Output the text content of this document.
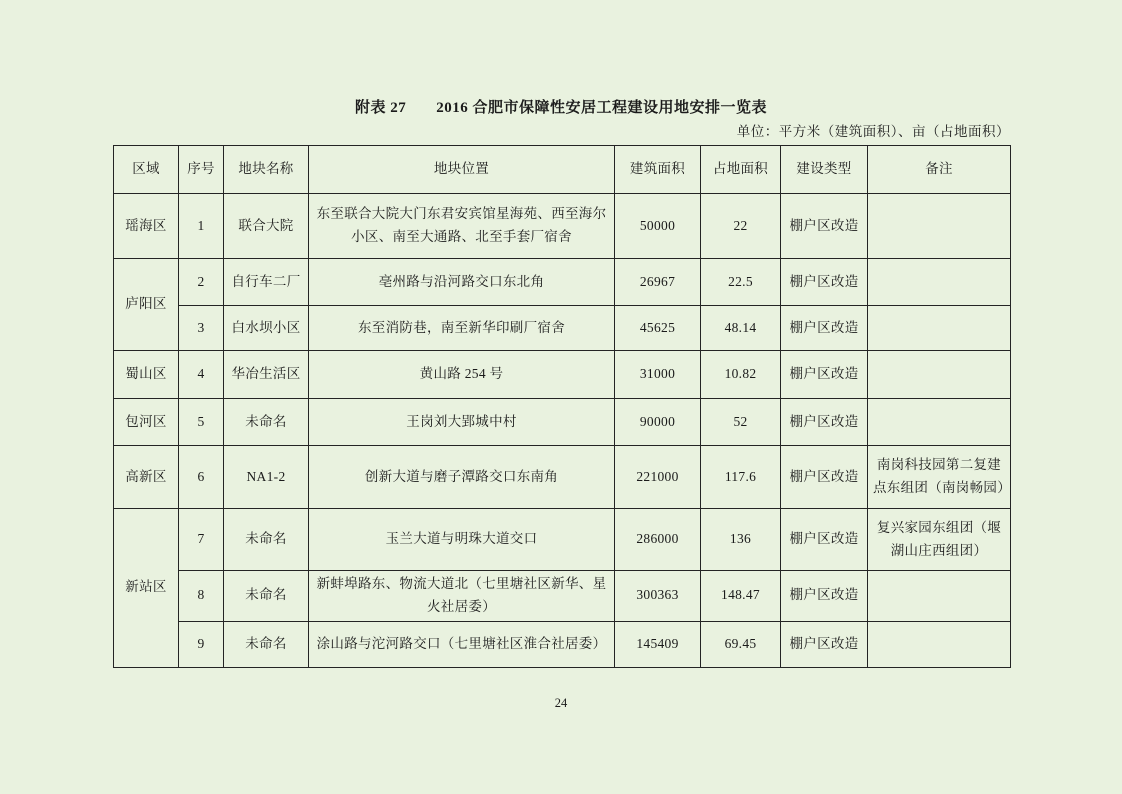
附表 27 2016 合肥市保障性安居工程建设用地安排一览表
单位：平方米（建筑面积）、亩（占地面积）
区域	序号	地块名称	地块位置	建筑面积	占地面积	建设类型	备注
瑶海区	1	联合大院	东至联合大院大门东君安宾馆星海苑、西至海尔小区、南至大通路、北至手套厂宿舍	50000	22	棚户区改造	
庐阳区	2	自行车二厂	亳州路与沿河路交口东北角	26967	22.5	棚户区改造	
	3	白水坝小区	东至消防巷，南至新华印刷厂宿舍	45625	48.14	棚户区改造	
蜀山区	4	华冶生活区	黄山路 254 号	31000	10.82	棚户区改造	
包河区	5	未命名	王岗刘大郢城中村	90000	52	棚户区改造	
高新区	6	NA1-2	创新大道与磨子潭路交口东南角	221000	117.6	棚户区改造	南岗科技园第二复建点东组团（南岗畅园）
新站区	7	未命名	玉兰大道与明珠大道交口	286000	136	棚户区改造	复兴家园东组团（堰湖山庄西组团）
	8	未命名	新蚌埠路东、物流大道北（七里塘社区新华、星火社居委）	300363	148.47	棚户区改造	
	9	未命名	涂山路与沱河路交口（七里塘社区淮合社居委）	145409	69.45	棚户区改造	
24
